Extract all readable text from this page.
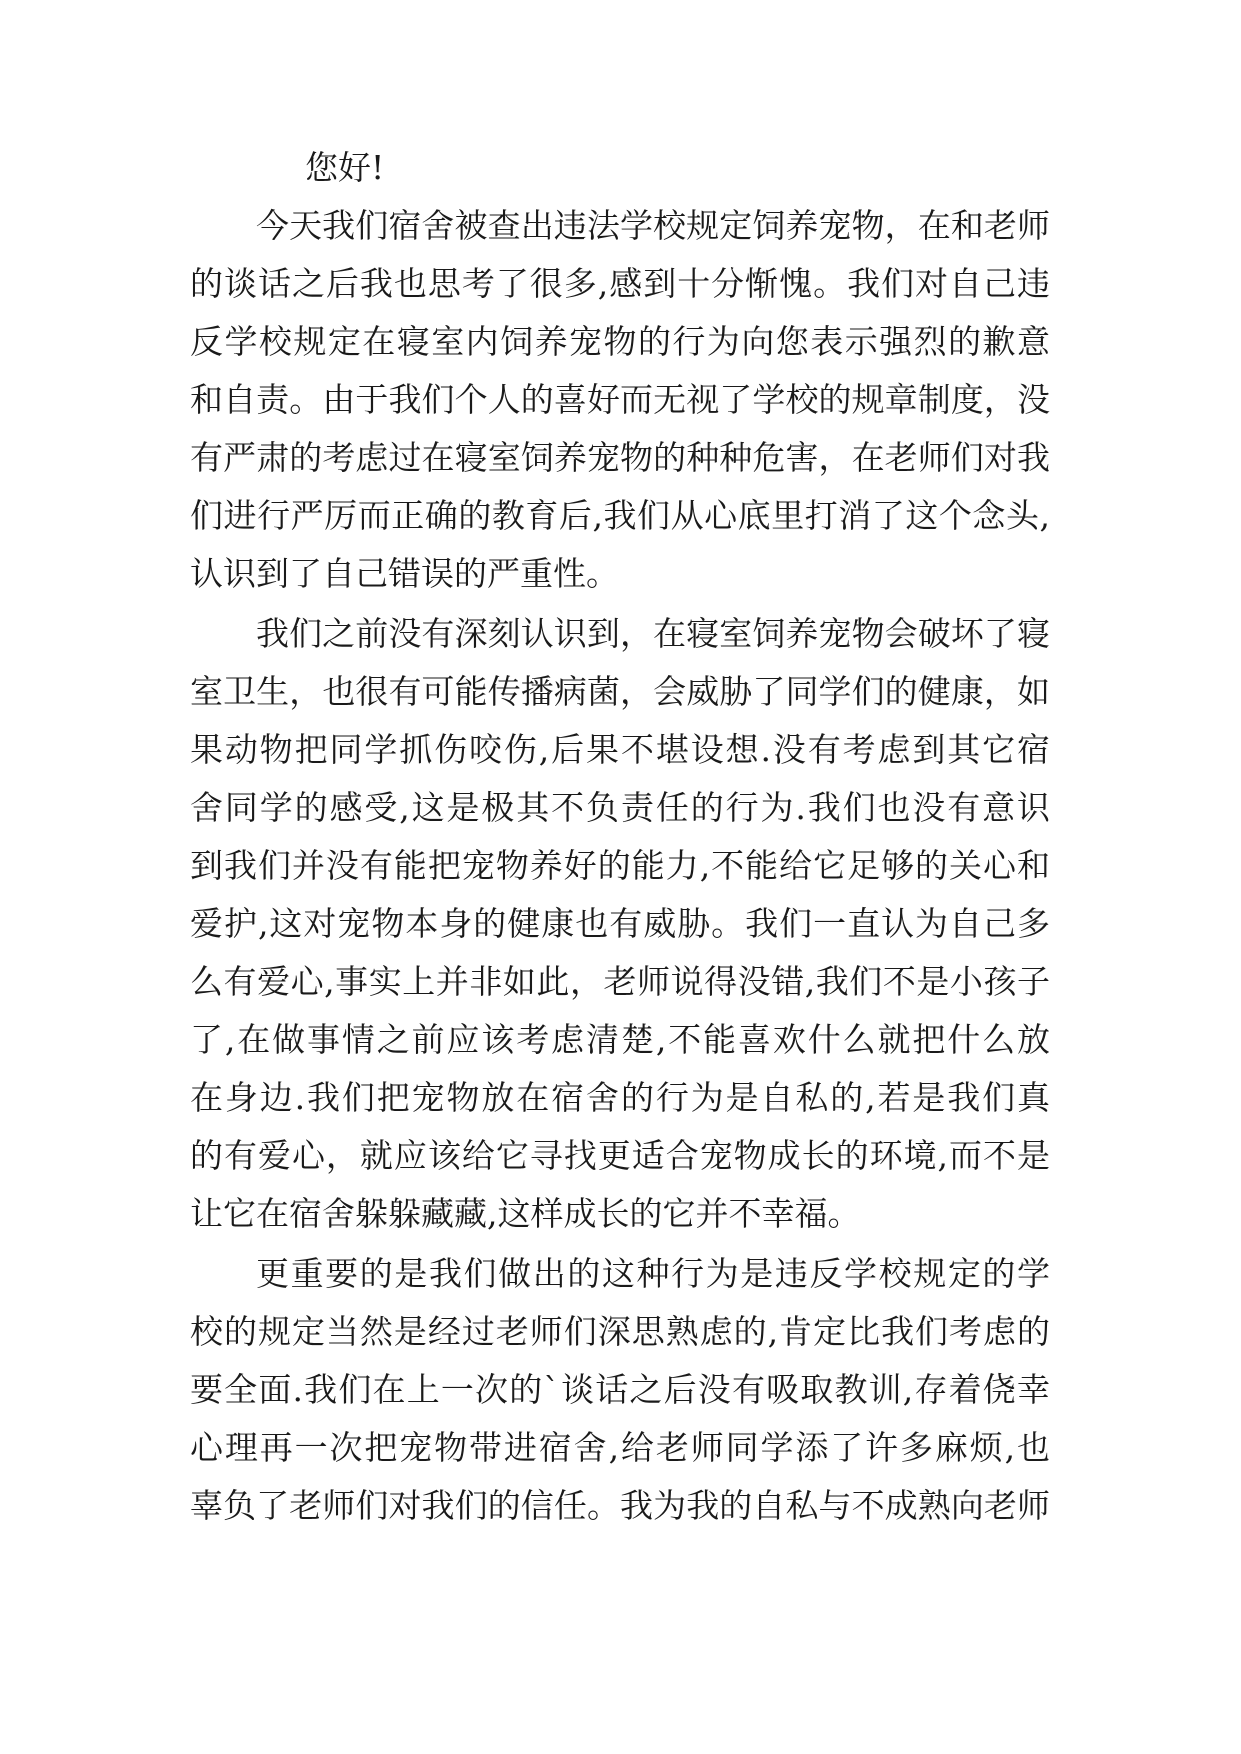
您好!
今天我们宿舍被查出违法学校规定饲养宠物，在和老师
的谈话之后我也思考了很多,感到十分惭愧。我们对自己违
反学校规定在寝室内饲养宠物的行为向您表示强烈的歉意
和自责。由于我们个人的喜好而无视了学校的规章制度，没
有严肃的考虑过在寝室饲养宠物的种种危害，在老师们对我
们进行严厉而正确的教育后,我们从心底里打消了这个念头,
认识到了自己错误的严重性。
我们之前没有深刻认识到，在寝室饲养宠物会破坏了寝
室卫生，也很有可能传播病菌，会威胁了同学们的健康，如
果动物把同学抓伤咬伤,后果不堪设想.没有考虑到其它宿
舍同学的感受,这是极其不负责任的行为.我们也没有意识
到我们并没有能把宠物养好的能力,不能给它足够的关心和
爱护,这对宠物本身的健康也有威胁。我们一直认为自己多
么有爱心,事实上并非如此，老师说得没错,我们不是小孩子
了,在做事情之前应该考虑清楚,不能喜欢什么就把什么放
在身边.我们把宠物放在宿舍的行为是自私的,若是我们真
的有爱心，就应该给它寻找更适合宠物成长的环境,而不是
让它在宿舍躲躲藏藏,这样成长的它并不幸福。
更重要的是我们做出的这种行为是违反学校规定的学
校的规定当然是经过老师们深思熟虑的,肯定比我们考虑的
要全面.我们在上一次的`谈话之后没有吸取教训,存着侥幸
心理再一次把宠物带进宿舍,给老师同学添了许多麻烦,也
辜负了老师们对我们的信任。我为我的自私与不成熟向老师
